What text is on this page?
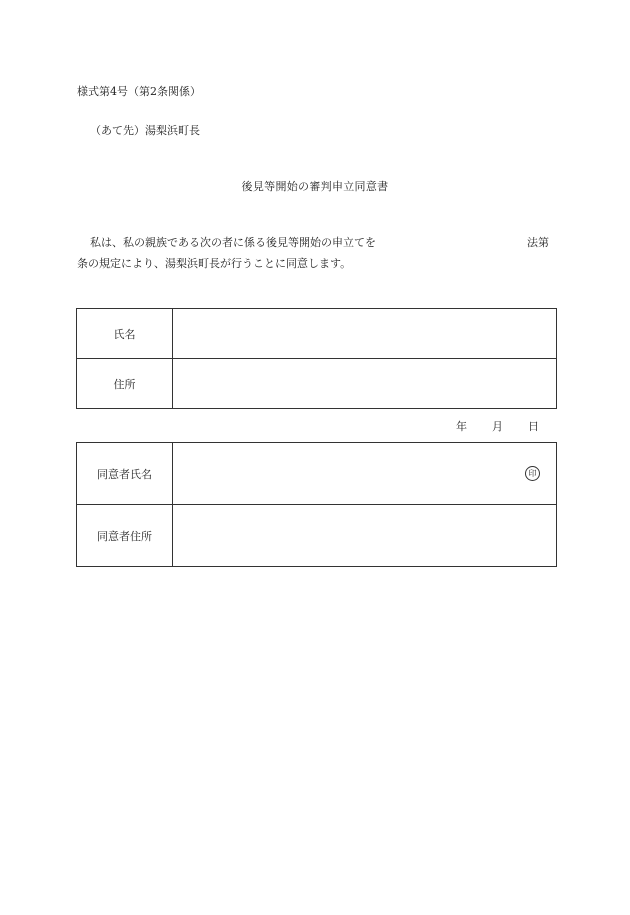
様式第4号（第2条関係）
（あて先）湯梨浜町長
後見等開始の審判申立同意書
私は、私の親族である次の者に係る後見等開始の申立てを	法第
条の規定により、湯梨浜町長が行うことに同意します。
氏名	
住所	
年 月 日
同意者氏名	印

同意者住所	
